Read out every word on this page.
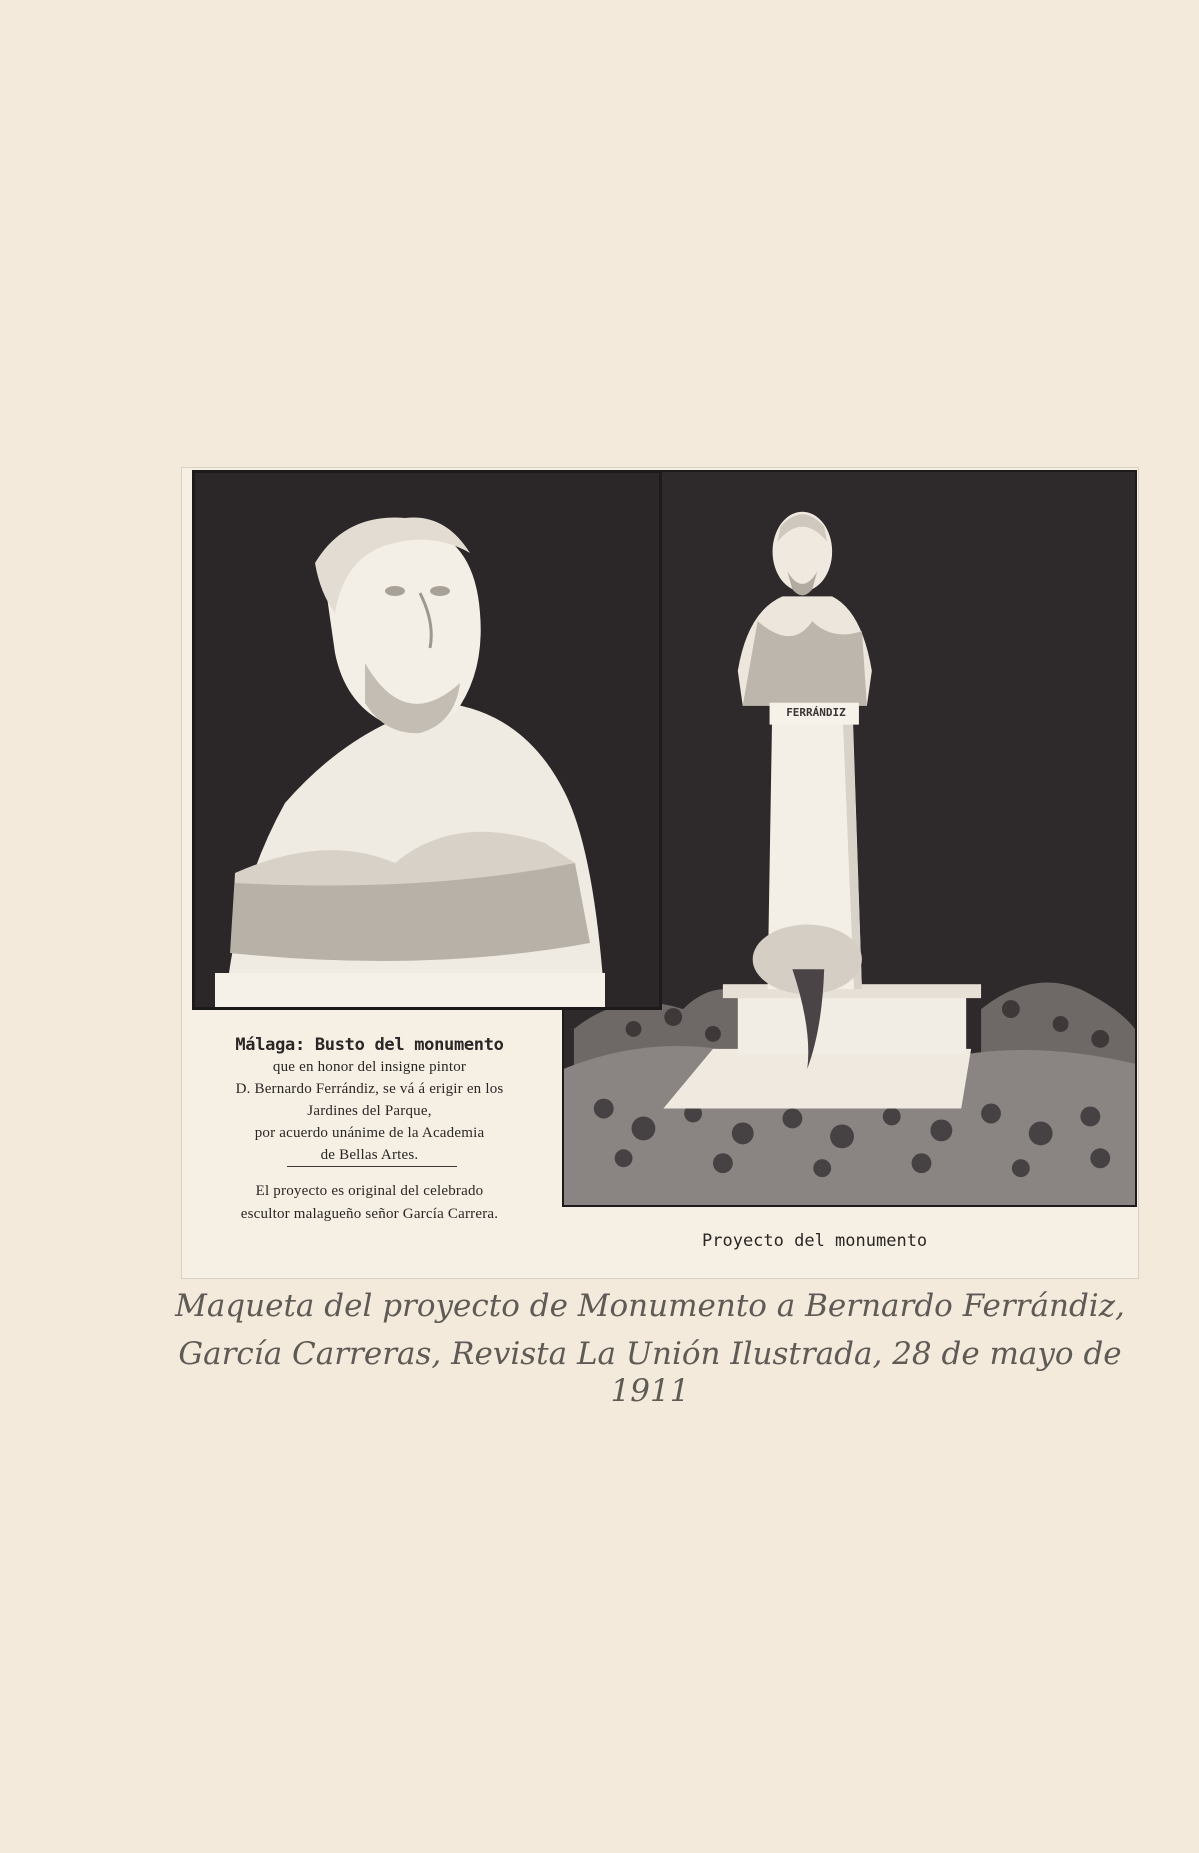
FERRÁNDIZ
Málaga: Busto del monumento
que en honor del insigne pintor
D. Bernardo Ferrándiz, se vá á erigir en los
Jardines del Parque,
por acuerdo unánime de la Academia
de Bellas Artes.
El proyecto es original del celebrado
escultor malagueño señor García Carrera.
Proyecto del monumento
Maqueta del proyecto de Monumento a Bernardo Ferrándiz,
García Carreras, Revista La Unión Ilustrada, 28 de mayo de 1911
